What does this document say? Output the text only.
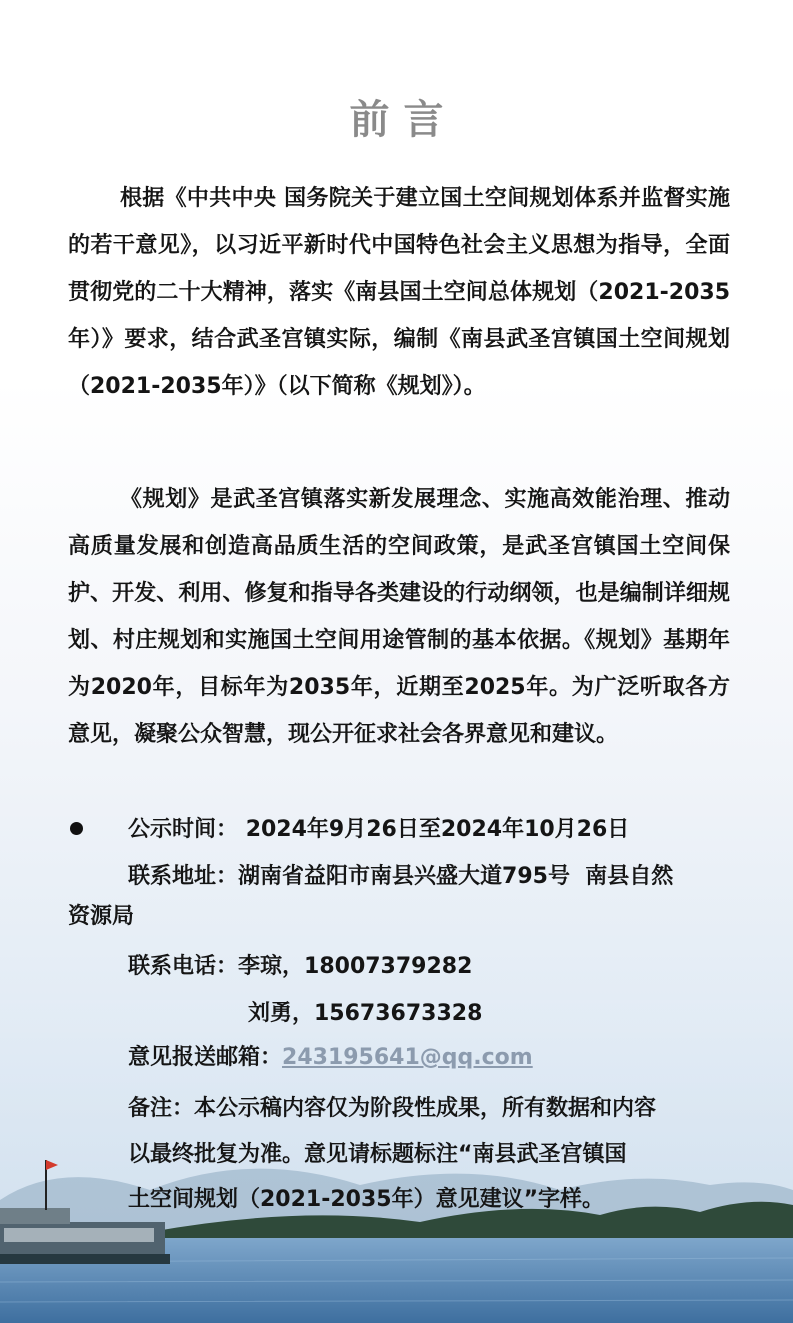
前言

根据《中共中央 国务院关于建立国土空间规划体系并监督实施的若干意见》，以习近平新时代中国特色社会主义思想为指导，全面贯彻党的二十大精神，落实《南县国土空间总体规划（2021-2035年）》要求，结合武圣宫镇实际，编制《南县武圣宫镇国土空间规划（2021-2035年）》（以下简称《规划》）。

《规划》是武圣宫镇落实新发展理念、实施高效能治理、推动高质量发展和创造高品质生活的空间政策，是武圣宫镇国土空间保护、开发、利用、修复和指导各类建设的行动纲领，也是编制详细规划、村庄规划和实施国土空间用途管制的基本依据。《规划》基期年为2020年，目标年为2035年，近期至2025年。为广泛听取各方意见，凝聚公众智慧，现公开征求社会各界意见和建议。

公示时间： 2024年9月26日至2024年10月26日
联系地址：湖南省益阳市南县兴盛大道795号  南县自然
资源局
联系电话：李琼，18007379282
刘勇，15673673328
意见报送邮箱：243195641@qq.com
备注：本公示稿内容仅为阶段性成果，所有数据和内容
以最终批复为准。意见请标题标注“南县武圣宫镇国
土空间规划（2021-2035年）意见建议”字样。
